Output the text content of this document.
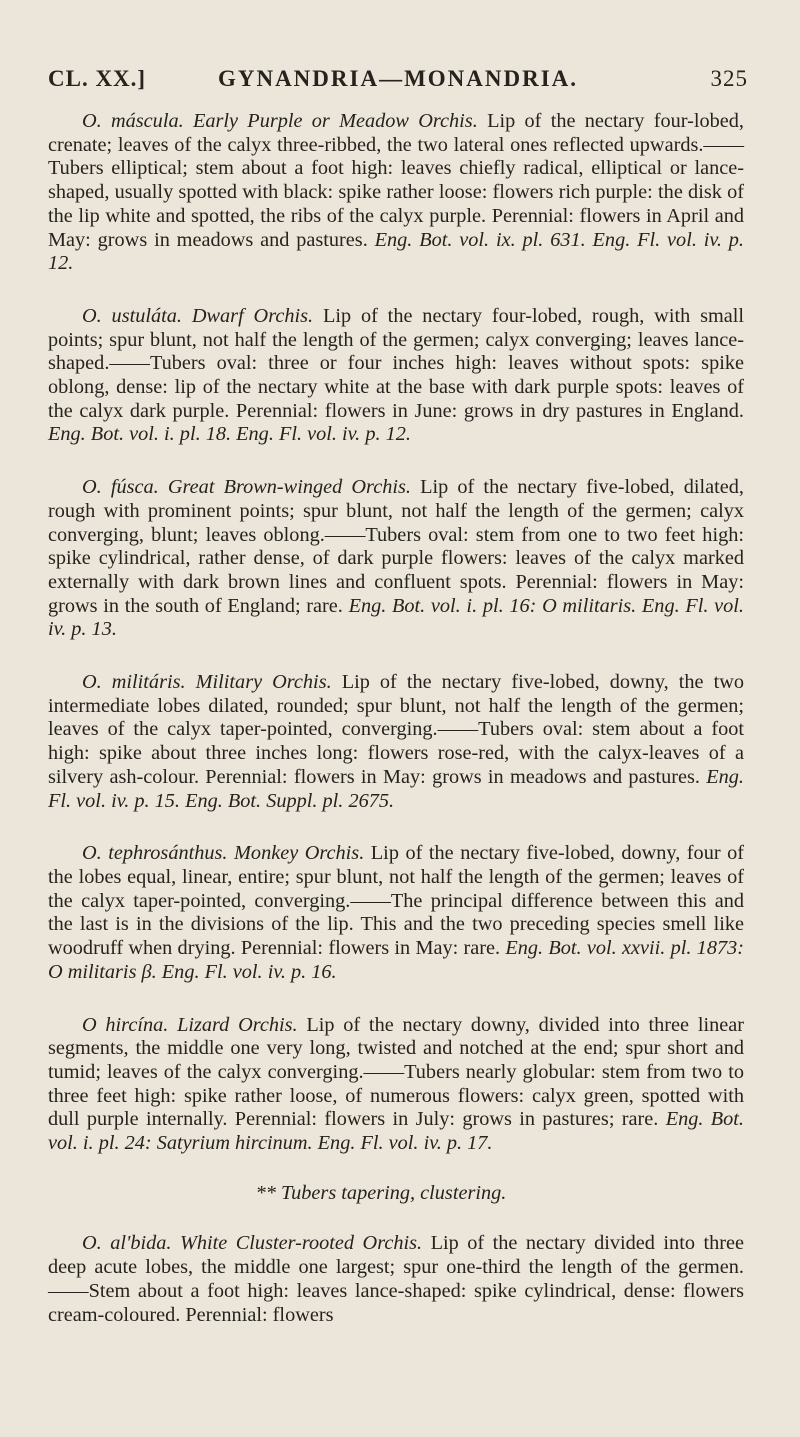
CL. XX.]	GYNANDRIA—MONANDRIA.	325

O. máscula. Early Purple or Meadow Orchis. Lip of the nectary four-lobed, crenate; leaves of the calyx three-ribbed, the two lateral ones reflected upwards.——Tubers elliptical; stem about a foot high: leaves chiefly radical, elliptical or lance-shaped, usually spotted with black: spike rather loose: flowers rich purple: the disk of the lip white and spotted, the ribs of the calyx purple. Perennial: flowers in April and May: grows in meadows and pastures. Eng. Bot. vol. ix. pl. 631. Eng. Fl. vol. iv. p. 12.

O. ustuláta. Dwarf Orchis. Lip of the nectary four-lobed, rough, with small points; spur blunt, not half the length of the germen; calyx converging; leaves lance-shaped.——Tubers oval: three or four inches high: leaves without spots: spike oblong, dense: lip of the nectary white at the base with dark purple spots: leaves of the calyx dark purple. Perennial: flowers in June: grows in dry pastures in England. Eng. Bot. vol. i. pl. 18. Eng. Fl. vol. iv. p. 12.

O. fúsca. Great Brown-winged Orchis. Lip of the nectary five-lobed, dilated, rough with prominent points; spur blunt, not half the length of the germen; calyx converging, blunt; leaves oblong.——Tubers oval: stem from one to two feet high: spike cylindrical, rather dense, of dark purple flowers: leaves of the calyx marked externally with dark brown lines and confluent spots. Perennial: flowers in May: grows in the south of England; rare. Eng. Bot. vol. i. pl. 16: O militaris. Eng. Fl. vol. iv. p. 13.

O. militáris. Military Orchis. Lip of the nectary five-lobed, downy, the two intermediate lobes dilated, rounded; spur blunt, not half the length of the germen; leaves of the calyx taper-pointed, converging.——Tubers oval: stem about a foot high: spike about three inches long: flowers rose-red, with the calyx-leaves of a silvery ash-colour. Perennial: flowers in May: grows in meadows and pastures. Eng. Fl. vol. iv. p. 15. Eng. Bot. Suppl. pl. 2675.

O. tephrosánthus. Monkey Orchis. Lip of the nectary five-lobed, downy, four of the lobes equal, linear, entire; spur blunt, not half the length of the germen; leaves of the calyx taper-pointed, converging.——The principal difference between this and the last is in the divisions of the lip. This and the two preceding species smell like woodruff when drying. Perennial: flowers in May: rare. Eng. Bot. vol. xxvii. pl. 1873: O militaris β. Eng. Fl. vol. iv. p. 16.

O hircína. Lizard Orchis. Lip of the nectary downy, divided into three linear segments, the middle one very long, twisted and notched at the end; spur short and tumid; leaves of the calyx converging.——Tubers nearly globular: stem from two to three feet high: spike rather loose, of numerous flowers: calyx green, spotted with dull purple internally. Perennial: flowers in July: grows in pastures; rare. Eng. Bot. vol. i. pl. 24: Satyrium hircinum. Eng. Fl. vol. iv. p. 17.

** Tubers tapering, clustering.

O. al'bida. White Cluster-rooted Orchis. Lip of the nectary divided into three deep acute lobes, the middle one largest; spur one-third the length of the germen.——Stem about a foot high: leaves lance-shaped: spike cylindrical, dense: flowers cream-coloured. Perennial: flowers
